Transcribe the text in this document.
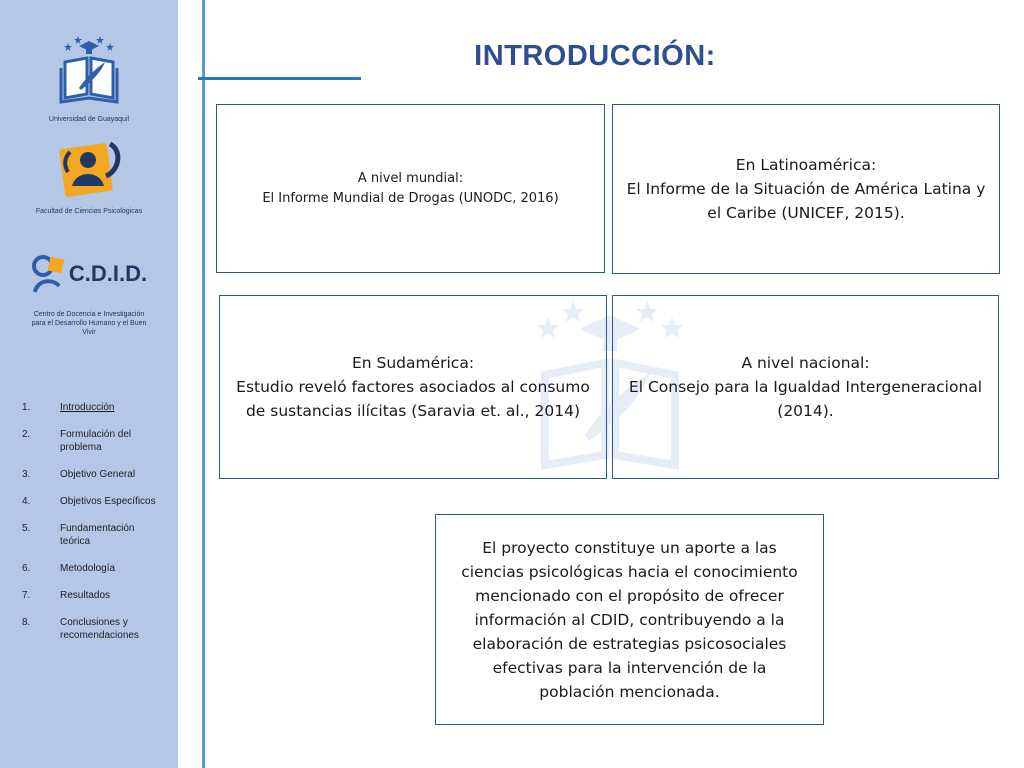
Universidad de Guayaquil
Facultad de Ciencias Psicológicas
C.D.I.D.
Centro de Docencia e Investigación para el Desarrollo Humano y el Buen Vivir
1.	Introducción
2.	Formulación del problema
3.	Objetivo General
4.	Objetivos Específicos
5.	Fundamentación teórica
6.	Metodología
7.	Resultados
8.	Conclusiones y recomendaciones
INTRODUCCIÓN:
A nivel mundial:
El Informe Mundial de Drogas (UNODC, 2016)
En Latinoamérica:
El Informe de la Situación de América Latina y el Caribe (UNICEF, 2015).
En Sudamérica:
Estudio reveló factores asociados al consumo de sustancias ilícitas (Saravia et. al., 2014)
A nivel nacional:
El Consejo para la Igualdad Intergeneracional (2014).
El proyecto constituye un aporte a las ciencias psicológicas hacia el conocimiento mencionado con el propósito de ofrecer información al CDID, contribuyendo a la elaboración de estrategias psicosociales efectivas para la intervención de la población mencionada.
